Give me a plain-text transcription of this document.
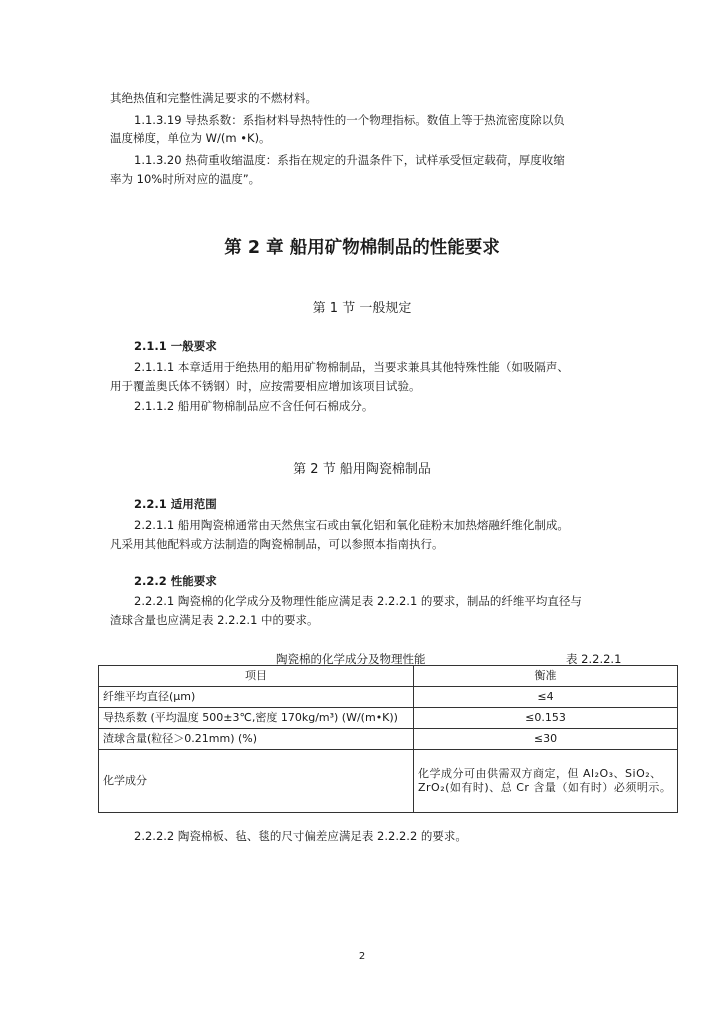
其绝热值和完整性满足要求的不燃材料。
1.1.3.19 导热系数：系指材料导热特性的一个物理指标。数值上等于热流密度除以负
温度梯度，单位为 W/(m •K)。
1.1.3.20 热荷重收缩温度：系指在规定的升温条件下，试样承受恒定载荷，厚度收缩
率为 10%时所对应的温度”。
第 2 章 船用矿物棉制品的性能要求
第 1 节 一般规定
2.1.1 一般要求
2.1.1.1 本章适用于绝热用的船用矿物棉制品，当要求兼具其他特殊性能（如吸隔声、
用于覆盖奥氏体不锈钢）时，应按需要相应增加该项目试验。
2.1.1.2 船用矿物棉制品应不含任何石棉成分。
第 2 节 船用陶瓷棉制品
2.2.1 适用范围
2.2.1.1 船用陶瓷棉通常由天然焦宝石或由氧化铝和氧化硅粉末加热熔融纤维化制成。
凡采用其他配料或方法制造的陶瓷棉制品，可以参照本指南执行。
2.2.2 性能要求
2.2.2.1 陶瓷棉的化学成分及物理性能应满足表 2.2.2.1 的要求，制品的纤维平均直径与
渣球含量也应满足表 2.2.2.1 中的要求。
陶瓷棉的化学成分及物理性能	表 2.2.2.1
项目	衡准
纤维平均直径(μm)	≤4
导热系数 (平均温度 500±3℃,密度 170kg/m³) (W/(m•K))	≤0.153
渣球含量(粒径＞0.21mm) (%)	≤30
化学成分	化学成分可由供需双方商定，但 Al₂O₃、SiO₂、ZrO₂(如有时)、总 Cr 含量（如有时）必须明示。
2.2.2.2 陶瓷棉板、毡、毯的尺寸偏差应满足表 2.2.2.2 的要求。
2
